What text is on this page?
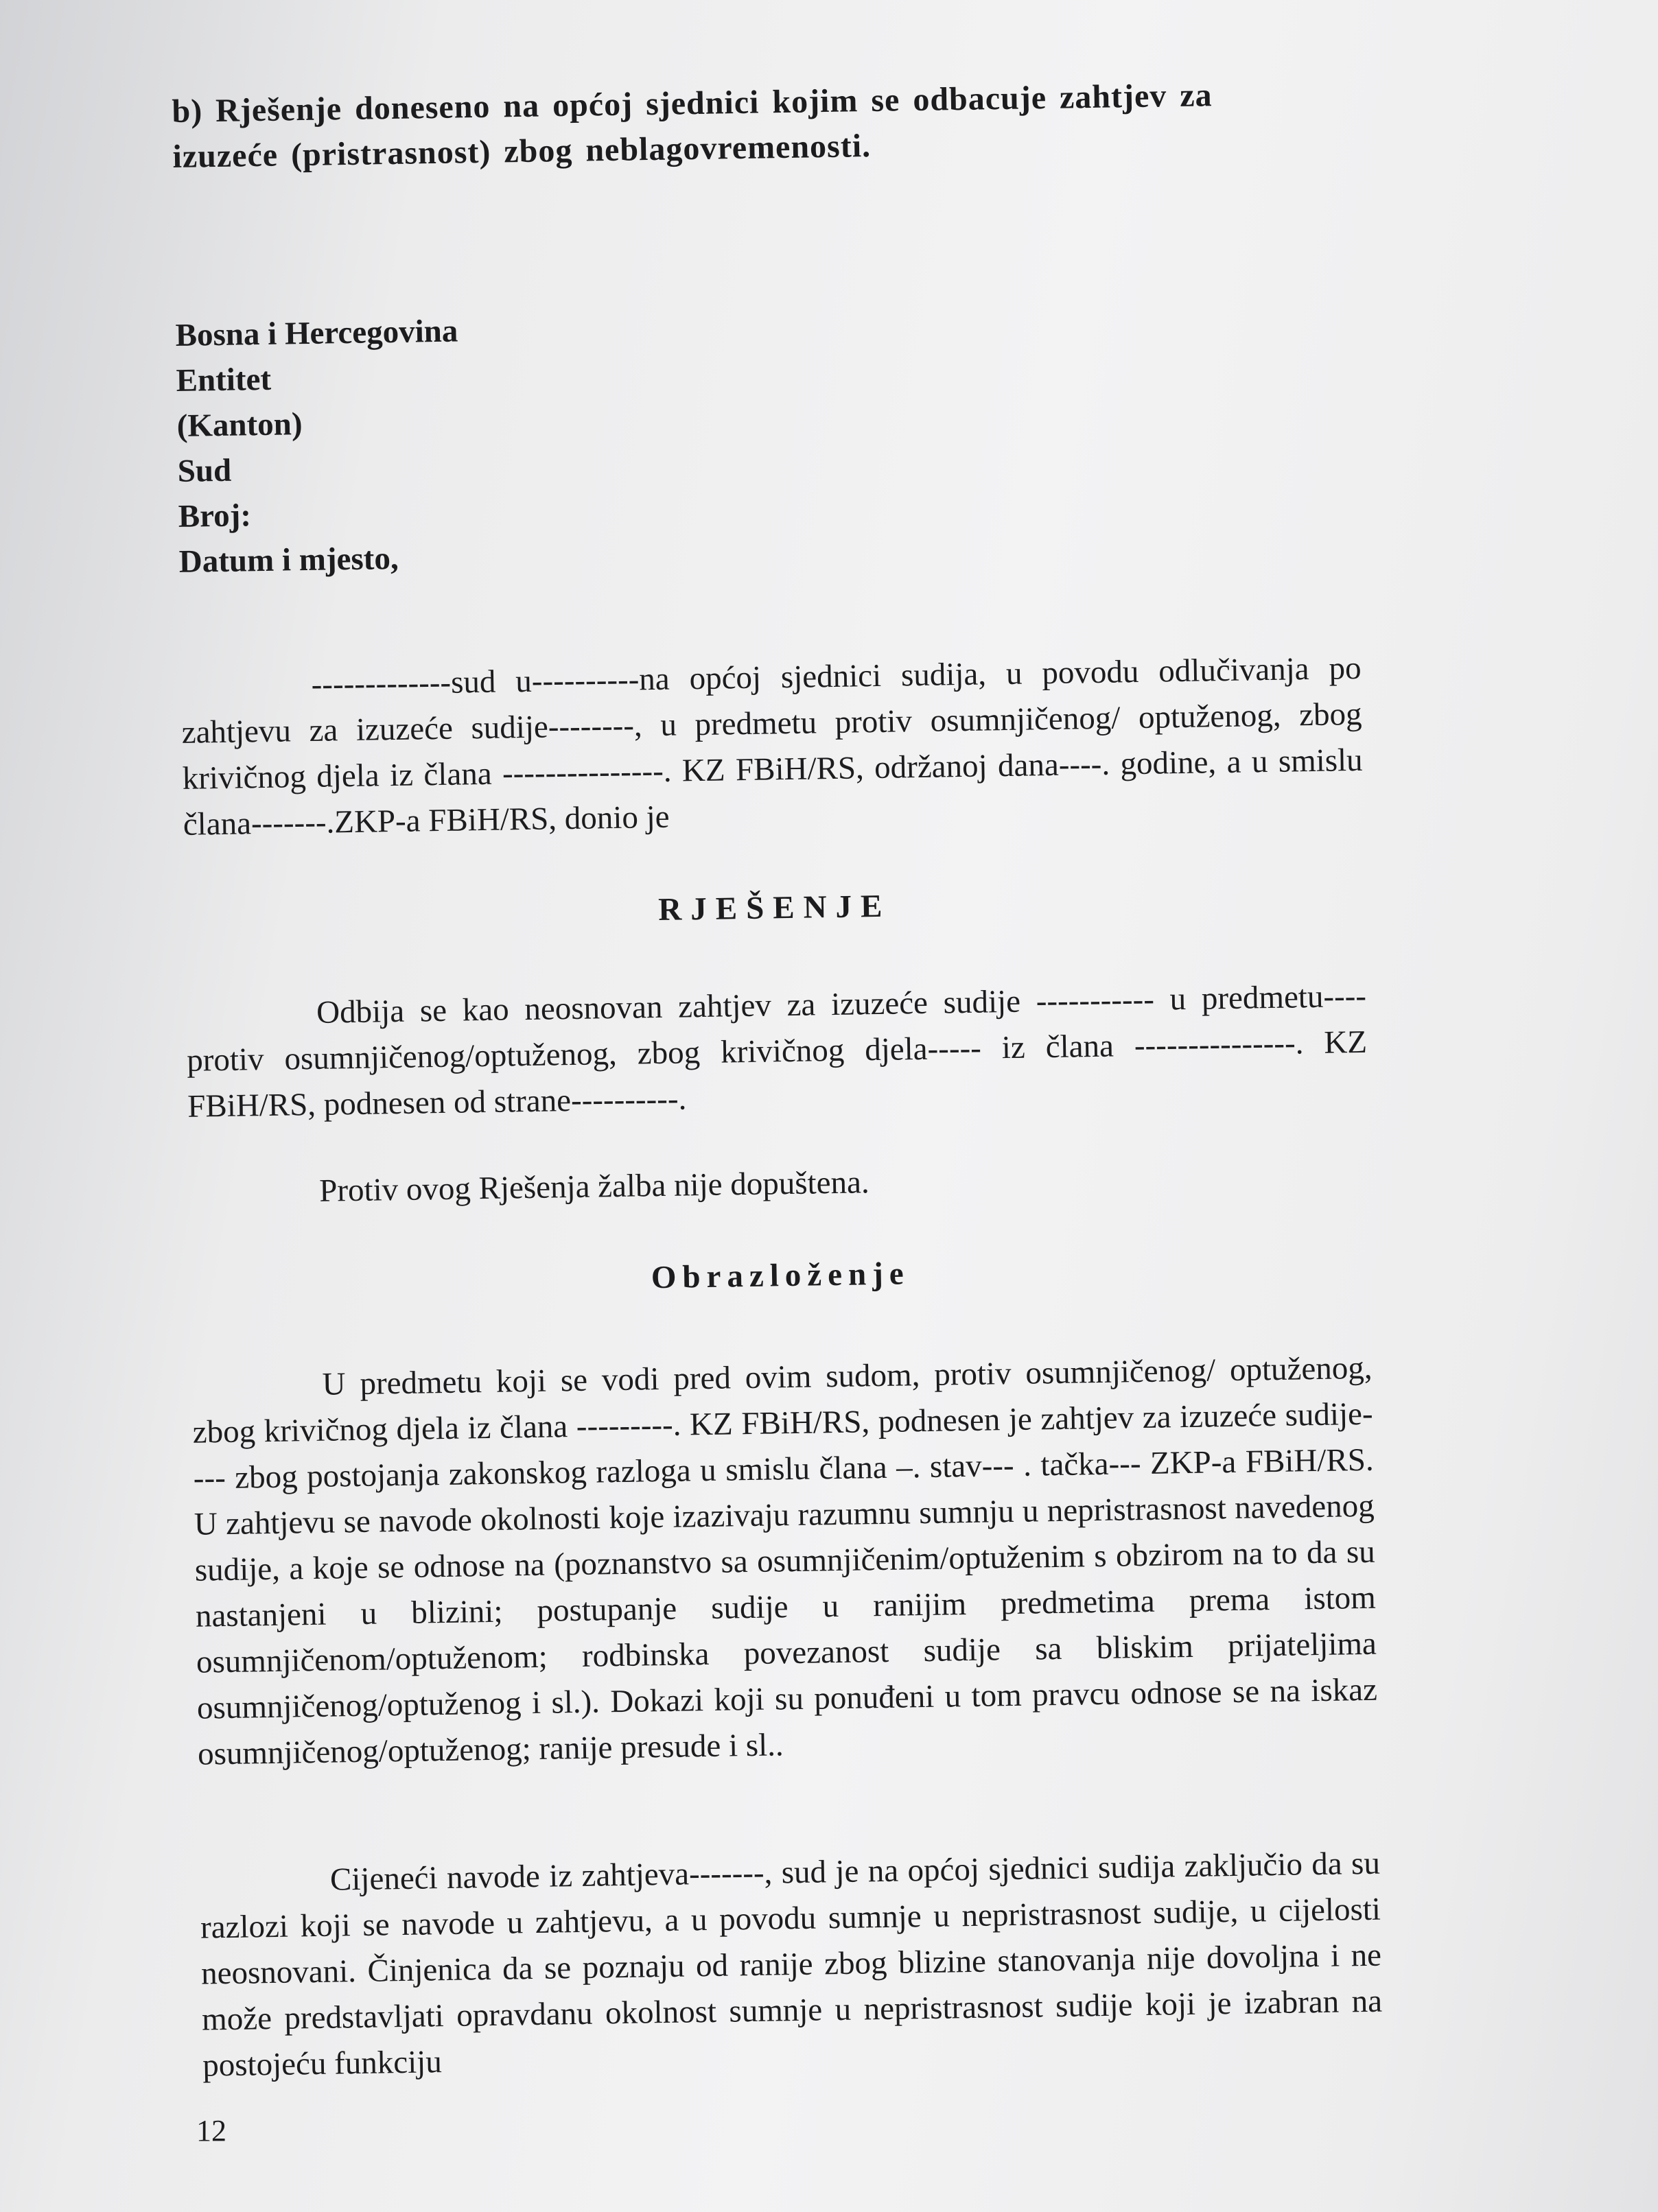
b) Rješenje doneseno na općoj sjednici kojim se odbacuje zahtjev za
izuzeće (pristrasnost) zbog neblagovremenosti.
Bosna i Hercegovina
Entitet
(Kanton)
Sud
Broj:
Datum i mjesto,

-------------sud u----------na općoj sjednici sudija, u povodu odlučivanja po zahtjevu za izuzeće sudije--------, u predmetu protiv osumnjičenog/ optuženog, zbog krivičnog djela iz člana ---------------. KZ FBiH/RS, održanoj dana----. godine, a u smislu člana-------.ZKP-a FBiH/RS, donio je

RJEŠENJE

Odbija se kao neosnovan zahtjev za izuzeće sudije ----------- u predmetu---- protiv osumnjičenog/optuženog, zbog krivičnog djela----- iz člana ---------------. KZ FBiH/RS, podnesen od strane----------.

Protiv ovog Rješenja žalba nije dopuštena.

Obrazloženje

U predmetu koji se vodi pred ovim sudom, protiv osumnjičenog/ optuženog, zbog krivičnog djela iz člana ---------. KZ FBiH/RS, podnesen je zahtjev za izuzeće sudije---- zbog postojanja zakonskog razloga u smislu člana –. stav--- . tačka--- ZKP-a FBiH/RS. U zahtjevu se navode okolnosti koje izazivaju razumnu sumnju u nepristrasnost navedenog sudije, a koje se odnose na (poznanstvo sa osumnjičenim/optuženim s obzirom na to da su nastanjeni u blizini; postupanje sudije u ranijim predmetima prema istom osumnjičenom/optuženom; rodbinska povezanost sudije sa bliskim prijateljima osumnjičenog/optuženog i sl.). Dokazi koji su ponuđeni u tom pravcu odnose se na iskaz osumnjičenog/optuženog; ranije presude i sl..

Cijeneći navode iz zahtjeva-------, sud je na općoj sjednici sudija zaključio da su razlozi koji se navode u zahtjevu, a u povodu sumnje u nepristrasnost sudije, u cijelosti neosnovani. Činjenica da se poznaju od ranije zbog blizine stanovanja nije dovoljna i ne može predstavljati opravdanu okolnost sumnje u nepristrasnost sudije koji je izabran na postojeću funkciju

12
